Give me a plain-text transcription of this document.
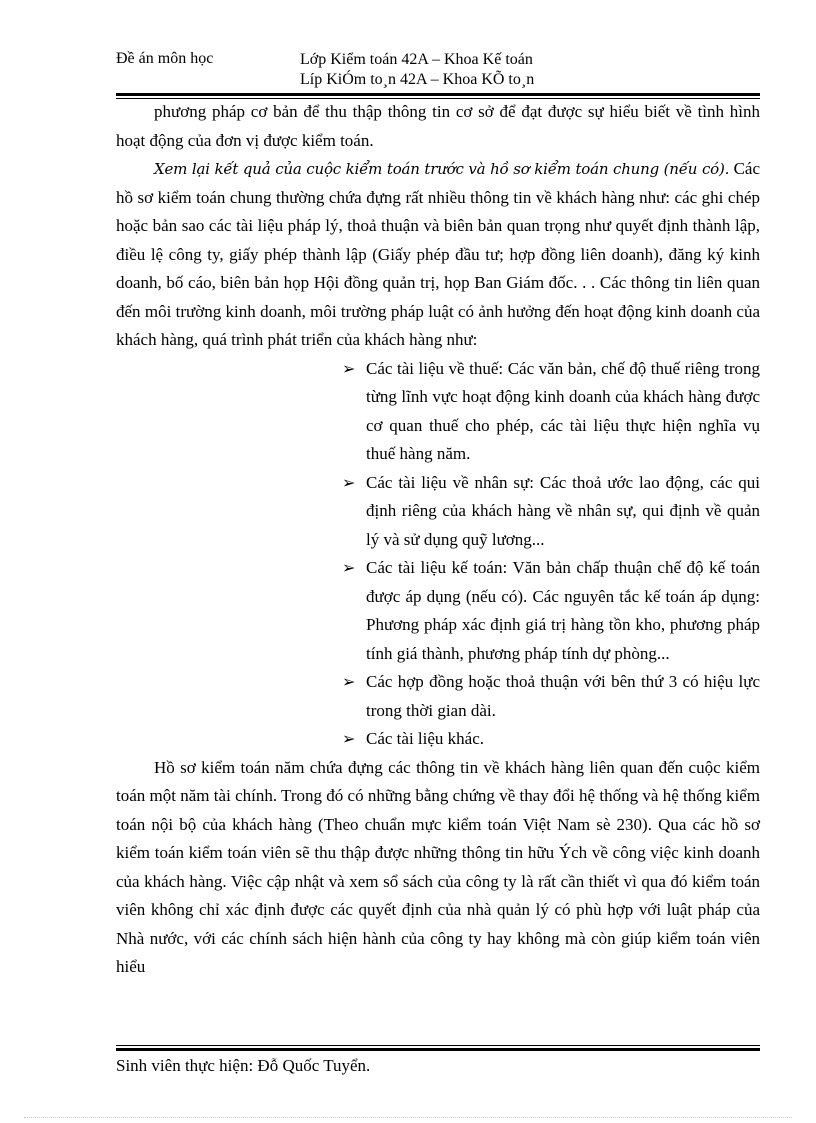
Đề án môn học	Lớp Kiểm toán 42A – Khoa Kế toán
Líp KiÓm to¸n 42A – Khoa KÕ to¸n

phương pháp cơ bản để thu thập thông tin cơ sở để đạt được sự hiểu biết về tình hình hoạt động của đơn vị được kiểm toán.

Xem lại kết quả của cuộc kiểm toán trước và hồ sơ kiểm toán chung (nếu có). Các hồ sơ kiểm toán chung thường chứa đựng rất nhiều thông tin về khách hàng như: các ghi chép hoặc bản sao các tài liệu pháp lý, thoả thuận và biên bản quan trọng như quyết định thành lập, điều lệ công ty, giấy phép thành lập (Giấy phép đầu tư; hợp đồng liên doanh), đăng ký kinh doanh, bố cáo, biên bản họp Hội đồng quản trị, họp Ban Giám đốc. . . Các thông tin liên quan đến môi trường kinh doanh, môi trường pháp luật có ảnh hưởng đến hoạt động kinh doanh của khách hàng, quá trình phát triển của khách hàng như:

➢ Các tài liệu về thuế: Các văn bản, chế độ thuế riêng trong từng lĩnh vực hoạt động kinh doanh của khách hàng được cơ quan thuế cho phép, các tài liệu thực hiện nghĩa vụ thuế hàng năm.
➢ Các tài liệu về nhân sự: Các thoả ước lao động, các qui định riêng của khách hàng về nhân sự, qui định về quản lý và sử dụng quỹ lương...
➢ Các tài liệu kế toán: Văn bản chấp thuận chế độ kế toán được áp dụng (nếu có). Các nguyên tắc kế toán áp dụng: Phương pháp xác định giá trị hàng tồn kho, phương pháp tính giá thành, phương pháp tính dự phòng...
➢ Các hợp đồng hoặc thoả thuận với bên thứ 3 có hiệu lực trong thời gian dài.
➢ Các tài liệu khác.

Hồ sơ kiểm toán năm chứa đựng các thông tin về khách hàng liên quan đến cuộc kiểm toán một năm tài chính. Trong đó có những bằng chứng về thay đổi hệ thống và hệ thống kiểm toán nội bộ của khách hàng (Theo chuẩn mực kiểm toán Việt Nam sè 230). Qua các hồ sơ kiểm toán kiểm toán viên sẽ thu thập được những thông tin hữu Ých về công việc kinh doanh của khách hàng. Việc cập nhật và xem sổ sách của công ty là rất cần thiết vì qua đó kiểm toán viên không chỉ xác định được các quyết định của nhà quản lý có phù hợp với luật pháp của Nhà nước, với các chính sách hiện hành của công ty hay không mà còn giúp kiểm toán viên hiểu

Sinh viên thực hiện: Đỗ Quốc Tuyển.
